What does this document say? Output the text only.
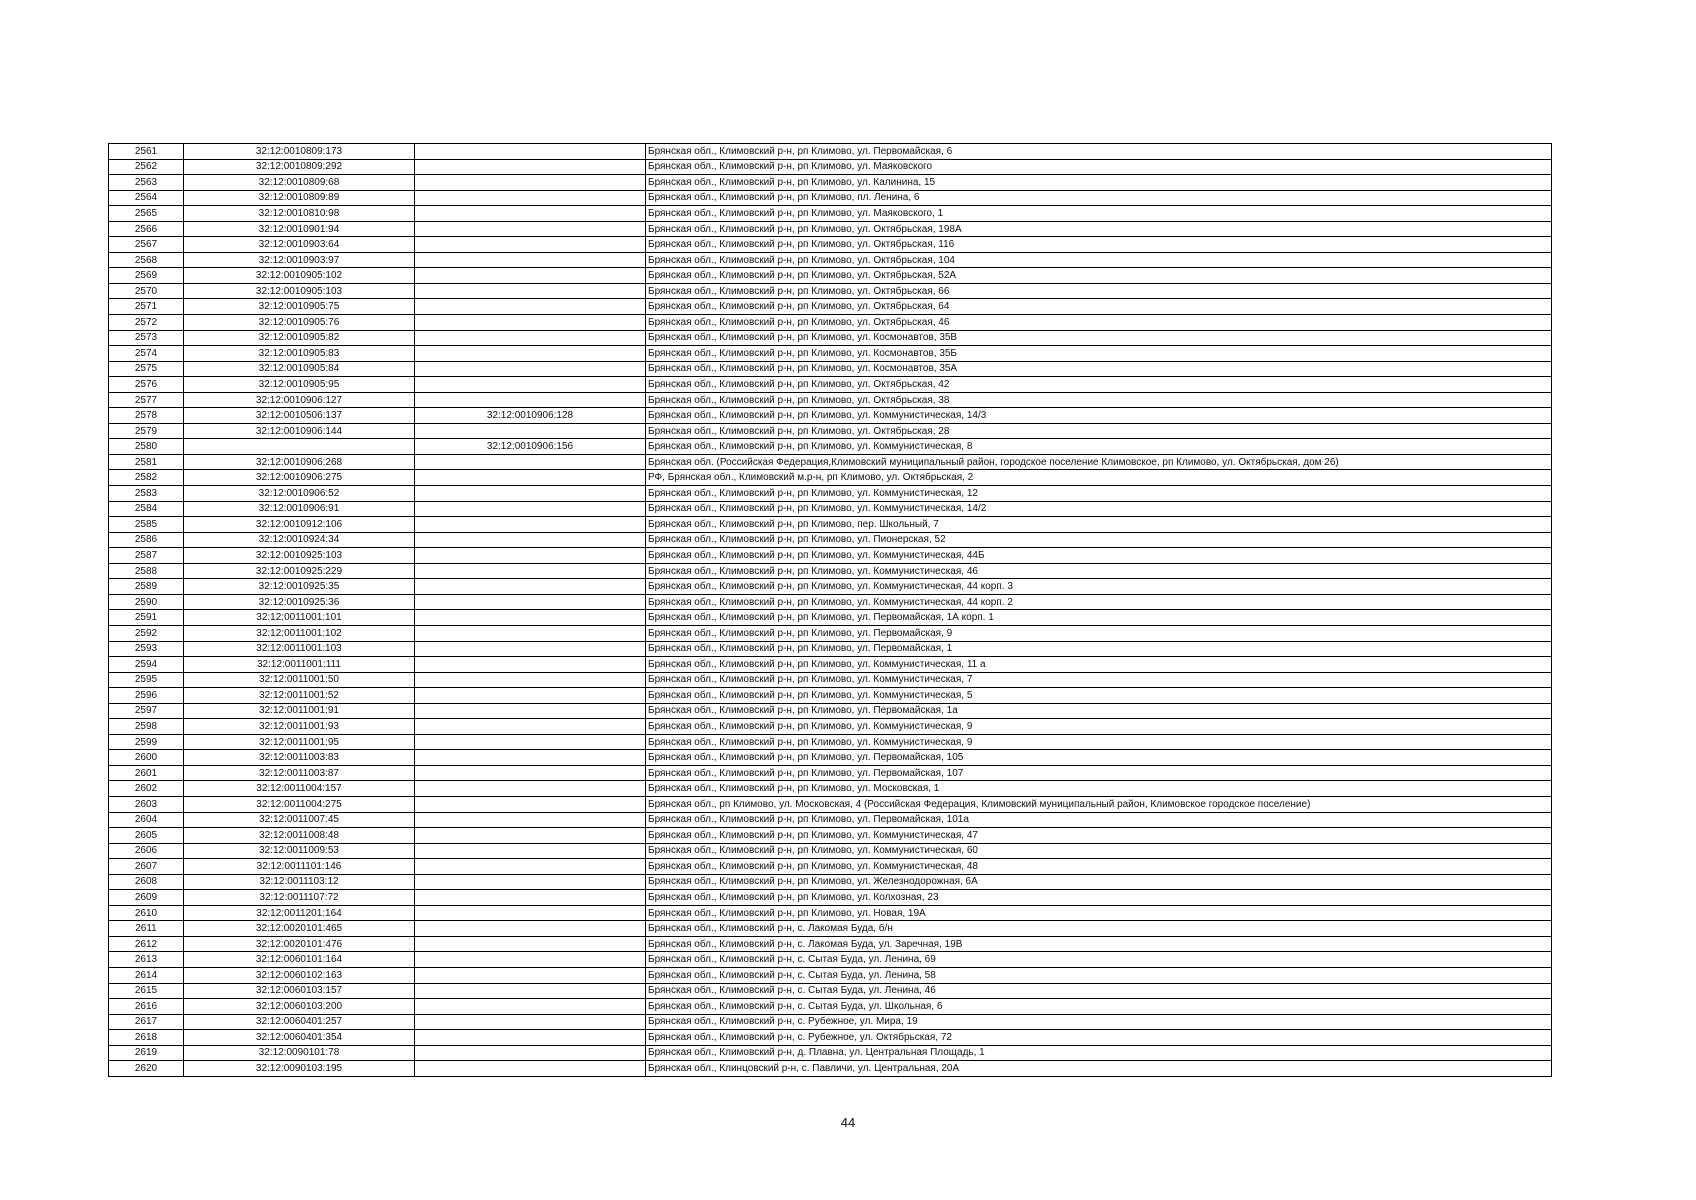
2561	32:12:0010809:173		Брянская обл., Климовский р-н, рп Климово, ул. Первомайская, 6
2562	32:12:0010809:292		Брянская обл., Климовский р-н, рп Климово, ул. Маяковского
2563	32:12:0010809:68		Брянская обл., Климовский р-н, рп Климово, ул. Калинина, 15
2564	32:12:0010809:89		Брянская обл., Климовский р-н, рп Климово, пл. Ленина, 6
2565	32:12:0010810:98		Брянская обл., Климовский р-н, рп Климово, ул. Маяковского, 1
2566	32:12:0010901:94		Брянская обл., Климовский р-н, рп Климово, ул. Октябрьская, 198А
2567	32:12:0010903:64		Брянская обл., Климовский р-н, рп Климово, ул. Октябрьская, 116
2568	32:12:0010903:97		Брянская обл., Климовский р-н, рп Климово, ул. Октябрьская, 104
2569	32:12:0010905:102		Брянская обл., Климовский р-н, рп Климово, ул. Октябрьская, 52А
2570	32:12:0010905:103		Брянская обл., Климовский р-н, рп Климово, ул. Октябрьская, 66
2571	32:12:0010905:75		Брянская обл., Климовский р-н, рп Климово, ул. Октябрьская, 64
2572	32:12:0010905:76		Брянская обл., Климовский р-н, рп Климово, ул. Октябрьская, 46
2573	32:12:0010905:82		Брянская обл., Климовский р-н, рп Климово, ул. Космонавтов, 35В
2574	32:12:0010905:83		Брянская обл., Климовский р-н, рп Климово, ул. Космонавтов, 35Б
2575	32:12:0010905:84		Брянская обл., Климовский р-н, рп Климово, ул. Космонавтов, 35А
2576	32:12:0010905:95		Брянская обл., Климовский р-н, рп Климово, ул. Октябрьская, 42
2577	32:12:0010906:127		Брянская обл., Климовский р-н, рп Климово, ул. Октябрьская, 38
2578	32:12:0010506:137	32:12:0010906:128	Брянская обл., Климовский р-н, рп Климово, ул. Коммунистическая, 14/3
2579	32:12:0010906:144		Брянская обл., Климовский р-н, рп Климово, ул. Октябрьская, 28
2580		32:12:0010906:156	Брянская обл., Климовский р-н, рп Климово, ул. Коммунистическая, 8
2581	32:12:0010906:268		Брянская обл. (Российская Федерация,Климовский муниципальный район, городское поселение Климовское, рп Климово, ул. Октябрьская, дом 26)
2582	32:12:0010906:275		РФ, Брянская обл., Климовский м.р-н, рп Климово, ул. Октябрьская, 2
2583	32:12:0010906:52		Брянская обл., Климовский р-н, рп Климово, ул. Коммунистическая, 12
2584	32:12:0010906:91		Брянская обл., Климовский р-н, рп Климово, ул. Коммунистическая, 14/2
2585	32:12:0010912:106		Брянская обл., Климовский р-н, рп Климово, пер. Школьный, 7
2586	32:12:0010924:34		Брянская обл., Климовский р-н, рп Климово, ул. Пионерская, 52
2587	32:12:0010925:103		Брянская обл., Климовский р-н, рп Климово, ул. Коммунистическая, 44Б
2588	32:12:0010925:229		Брянская обл., Климовский р-н, рп Климово, ул. Коммунистическая, 46
2589	32:12:0010925:35		Брянская обл., Климовский р-н, рп Климово, ул. Коммунистическая, 44 корп. 3
2590	32:12:0010925:36		Брянская обл., Климовский р-н, рп Климово, ул. Коммунистическая, 44 корп. 2
2591	32:12:0011001:101		Брянская обл., Климовский р-н, рп Климово, ул. Первомайская, 1А корп. 1
2592	32:12:0011001:102		Брянская обл., Климовский р-н, рп Климово, ул. Первомайская, 9
2593	32:12:0011001:103		Брянская обл., Климовский р-н, рп Климово, ул. Первомайская, 1
2594	32:12:0011001:111		Брянская обл., Климовский р-н, рп Климово, ул. Коммунистическая, 11 а
2595	32:12:0011001:50		Брянская обл., Климовский р-н, рп Климово, ул. Коммунистическая, 7
2596	32:12:0011001:52		Брянская обл., Климовский р-н, рп Климово, ул. Коммунистическая, 5
2597	32:12:0011001:91		Брянская обл., Климовский р-н, рп Климово, ул. Первомайская, 1а
2598	32:12:0011001:93		Брянская обл., Климовский р-н, рп Климово, ул. Коммунистическая, 9
2599	32:12:0011001:95		Брянская обл., Климовский р-н, рп Климово, ул. Коммунистическая, 9
2600	32:12:0011003:83		Брянская обл., Климовский р-н, рп Климово, ул. Первомайская, 105
2601	32:12:0011003:87		Брянская обл., Климовский р-н, рп Климово, ул. Первомайская, 107
2602	32:12:0011004:157		Брянская обл., Климовский р-н, рп Климово, ул. Московская, 1
2603	32:12:0011004:275		Брянская обл., рп Климово, ул. Московская, 4 (Российская Федерация, Климовский муниципальный район, Климовское городское поселение)
2604	32:12:0011007:45		Брянская обл., Климовский р-н, рп Климово, ул. Первомайская, 101а
2605	32:12:0011008:48		Брянская обл., Климовский р-н, рп Климово, ул. Коммунистическая, 47
2606	32:12:0011009:53		Брянская обл., Климовский р-н, рп Климово, ул. Коммунистическая, 60
2607	32:12:0011101:146		Брянская обл., Климовский р-н, рп Климово, ул. Коммунистическая, 48
2608	32:12:0011103:12		Брянская обл., Климовский р-н, рп Климово, ул. Железнодорожная, 6А
2609	32:12:0011107:72		Брянская обл., Климовский р-н, рп Климово, ул. Колхозная, 23
2610	32:12:0011201:164		Брянская обл., Климовский р-н, рп Климово, ул. Новая, 19А
2611	32:12:0020101:465		Брянская обл., Климовский р-н, с. Лакомая Буда, б/н
2612	32:12:0020101:476		Брянская обл., Климовский р-н, с. Лакомая Буда, ул. Заречная, 19В
2613	32:12:0060101:164		Брянская обл., Климовский р-н, с. Сытая Буда, ул. Ленина, 69
2614	32:12:0060102:163		Брянская обл., Климовский р-н, с. Сытая Буда, ул. Ленина, 58
2615	32:12:0060103:157		Брянская обл., Климовский р-н, с. Сытая Буда, ул. Ленина, 46
2616	32:12:0060103:200		Брянская обл., Климовский р-н, с. Сытая Буда, ул. Школьная, 6
2617	32:12:0060401:257		Брянская обл., Климовский р-н, с. Рубежное, ул. Мира, 19
2618	32:12:0060401:354		Брянская обл., Климовский р-н, с. Рубежное, ул. Октябрьская, 72
2619	32:12:0090101:78		Брянская обл., Климовский р-н, д. Плавна, ул. Центральная Площадь, 1
2620	32:12:0090103:195		Брянская обл., Клинцовский р-н, с. Павличи, ул. Центральная, 20А
44
